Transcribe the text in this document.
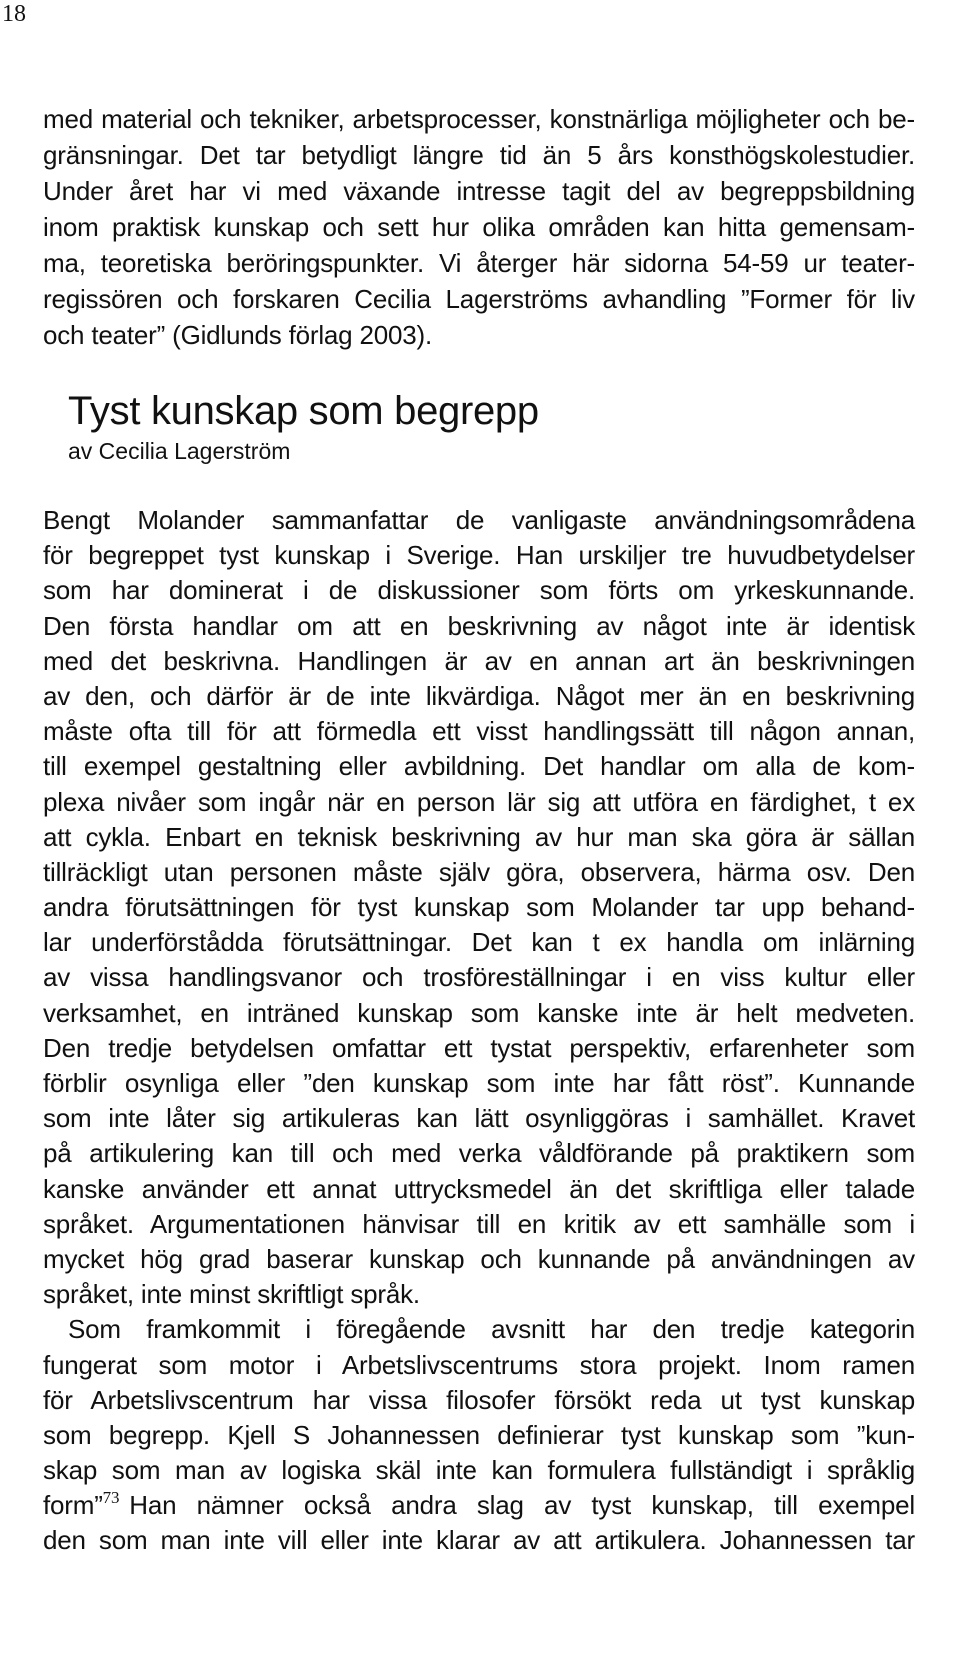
18
med material och tekniker, arbetsprocesser, konstnärliga möjligheter och be-
gränsningar. Det tar betydligt längre tid än 5 års konsthögskolestudier.
Under året har vi med växande intresse tagit del av begreppsbildning
inom praktisk kunskap och sett hur olika områden kan hitta gemensam-
ma, teoretiska beröringspunkter. Vi återger här sidorna 54-59 ur teater-
regissören och forskaren Cecilia Lagerströms avhandling ”Former för liv
och teater” (Gidlunds förlag 2003).
Tyst kunskap som begrepp
av Cecilia Lagerström
Bengt Molander sammanfattar de vanligaste användningsområdena
för begreppet tyst kunskap i Sverige. Han urskiljer tre huvudbetydelser
som har dominerat i de diskussioner som förts om yrkeskunnande.
Den första handlar om att en beskrivning av något inte är identisk
med det beskrivna. Handlingen är av en annan art än beskrivningen
av den, och därför är de inte likvärdiga. Något mer än en beskrivning
måste ofta till för att förmedla ett visst handlingssätt till någon annan,
till exempel gestaltning eller avbildning. Det handlar om alla de kom-
plexa nivåer som ingår när en person lär sig att utföra en färdighet, t ex
att cykla. Enbart en teknisk beskrivning av hur man ska göra är sällan
tillräckligt utan personen måste själv göra, observera, härma osv. Den
andra förutsättningen för tyst kunskap som Molander tar upp behand-
lar underförstådda förutsättningar. Det kan t ex handla om inlärning
av vissa handlingsvanor och trosföreställningar i en viss kultur eller
verksamhet, en inträned kunskap som kanske inte är helt medveten.
Den tredje betydelsen omfattar ett tystat perspektiv, erfarenheter som
förblir osynliga eller ”den kunskap som inte har fått röst”. Kunnande
som inte låter sig artikuleras kan lätt osynliggöras i samhället. Kravet
på artikulering kan till och med verka våldförande på praktikern som
kanske använder ett annat uttrycksmedel än det skriftliga eller talade
språket. Argumentationen hänvisar till en kritik av ett samhälle som i
mycket hög grad baserar kunskap och kunnande på användningen av
språket, inte minst skriftligt språk.
Som framkommit i föregående avsnitt har den tredje kategorin
fungerat som motor i Arbetslivscentrums stora projekt. Inom ramen
för Arbetslivscentrum har vissa filosofer försökt reda ut tyst kunskap
som begrepp. Kjell S Johannessen definierar tyst kunskap som ”kun-
skap som man av logiska skäl inte kan formulera fullständigt i språklig
form”$^{73}$ Han nämner också andra slag av tyst kunskap, till exempel
den som man inte vill eller inte klarar av att artikulera. Johannessen tar
